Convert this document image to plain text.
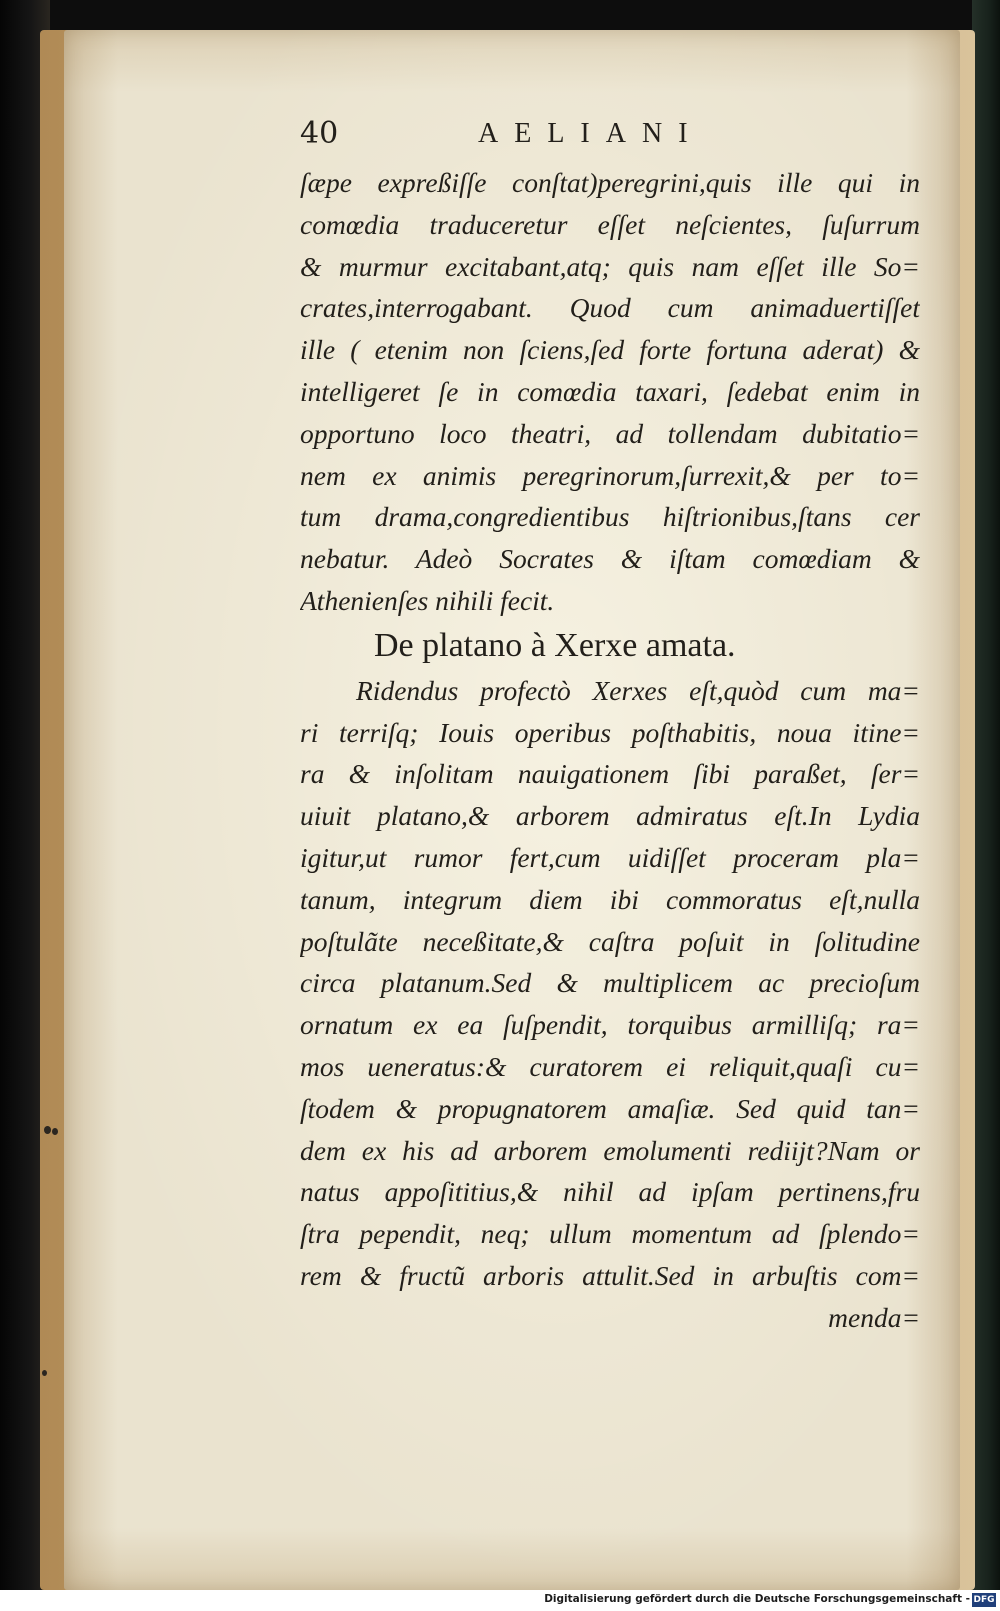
40	AELIANI
ſæpe expreßiſſe conſtat)peregrini,quis ille qui in
comœdia traduceretur eſſet neſcientes, ſuſurrum
& murmur excitabant,atq; quis nam eſſet ille So=
crates,interrogabant. Quod cum animaduertiſſet
ille ( etenim non ſciens,ſed forte fortuna aderat) &
intelligeret ſe in comœdia taxari, ſedebat enim in
opportuno loco theatri, ad tollendam dubitatio=
nem ex animis peregrinorum,ſurrexit,& per to=
tum drama,congredientibus hiſtrionibus,ſtans cer
nebatur. Adeò Socrates & iſtam comœdiam &
Athenienſes nihili fecit.
De platano à Xerxe amata.
Ridendus profectò Xerxes eſt,quòd cum ma=
ri terriſq; Iouis operibus poſthabitis, noua itine=
ra & inſolitam nauigationem ſibi paraßet, ſer=
uiuit platano,& arborem admiratus eſt.In Lydia
igitur,ut rumor fert,cum uidiſſet proceram pla=
tanum, integrum diem ibi commoratus eſt,nulla
poſtulãte neceßitate,& caſtra poſuit in ſolitudine
circa platanum.Sed & multiplicem ac precioſum
ornatum ex ea ſuſpendit, torquibus armilliſq; ra=
mos ueneratus:& curatorem ei reliquit,quaſi cu=
ſtodem & propugnatorem amaſiæ. Sed quid tan=
dem ex his ad arborem emolumenti rediijt?Nam or
natus appoſititius,& nihil ad ipſam pertinens,fru
ſtra pependit, neq; ullum momentum ad ſplendo=
rem & fructũ arboris attulit.Sed in arbuſtis com=
menda=
Digitalisierung gefördert durch die Deutsche Forschungsgemeinschaft - DFG
